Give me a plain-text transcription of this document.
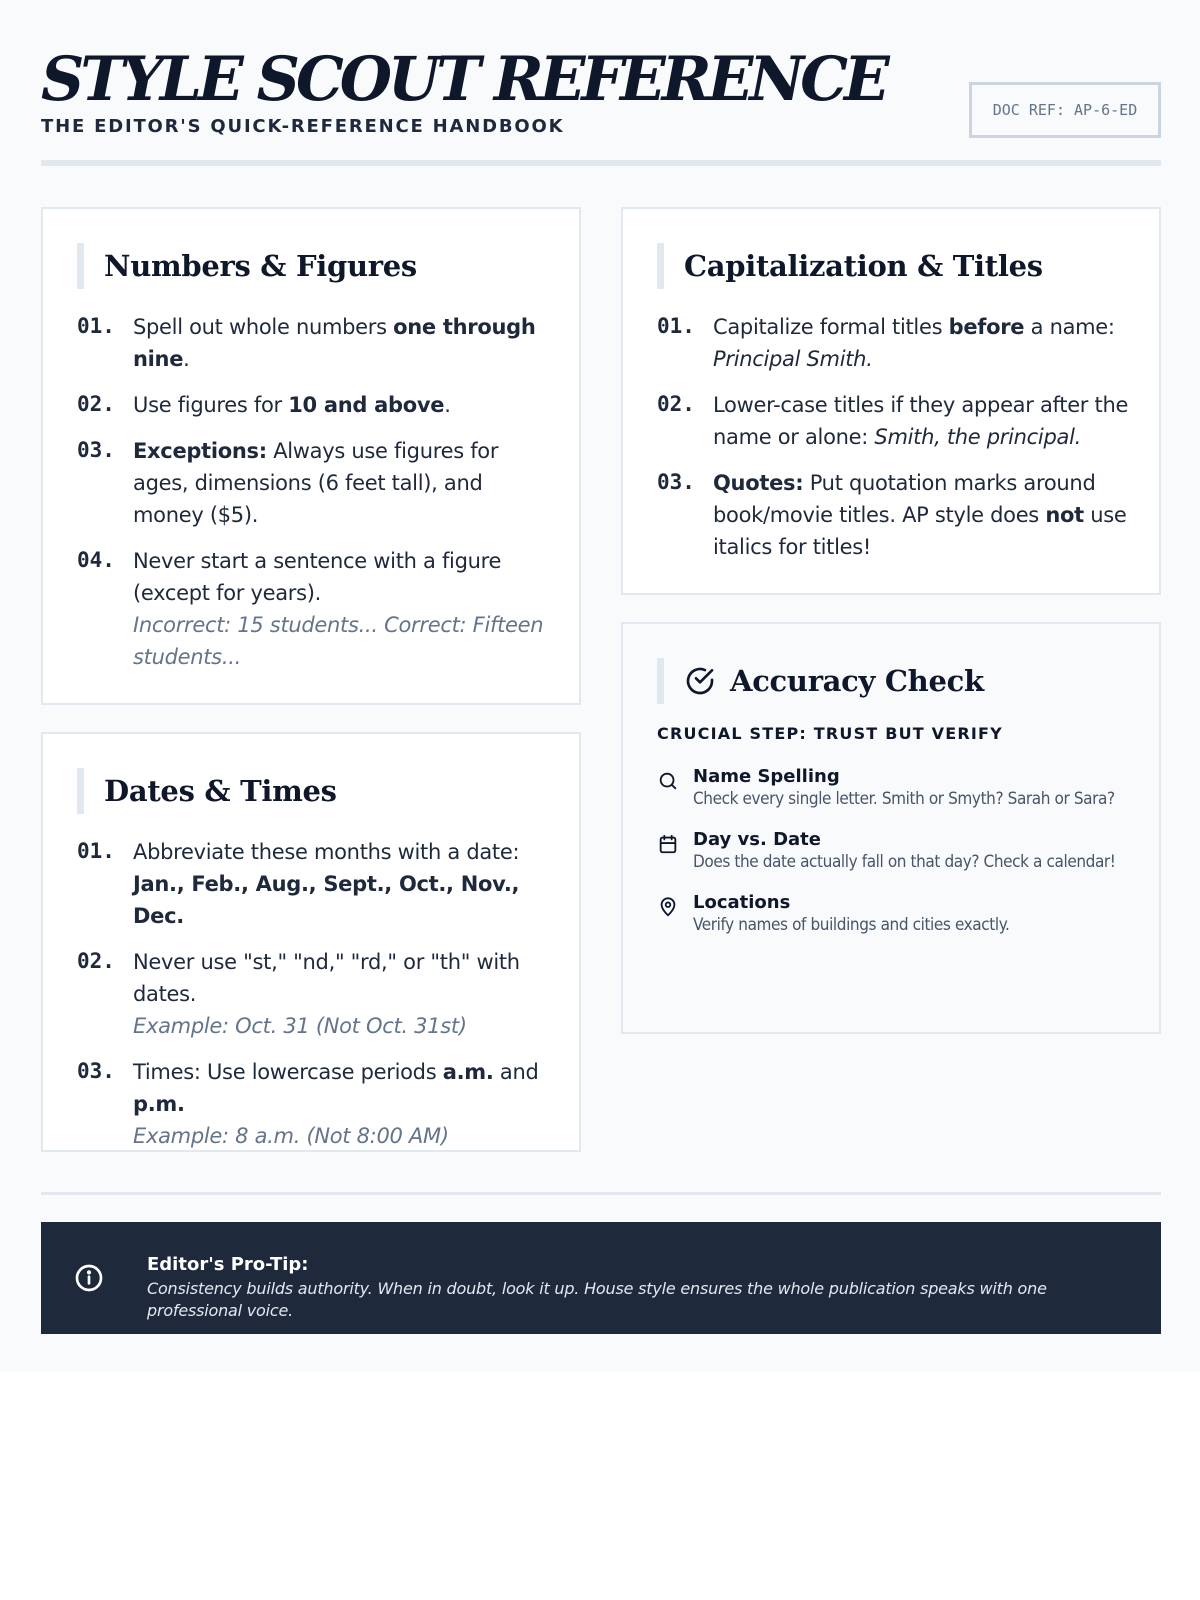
STYLE SCOUT REFERENCE
THE EDITOR'S QUICK-REFERENCE HANDBOOK
DOC REF: AP-6-ED
Numbers & Figures
01. Spell out whole numbers one through nine.
02. Use figures for 10 and above.
03. Exceptions: Always use figures for ages, dimensions (6 feet tall), and money ($5).
04. Never start a sentence with a figure (except for years).
Incorrect: 15 students... Correct: Fifteen students...
Dates & Times
01. Abbreviate these months with a date: Jan., Feb., Aug., Sept., Oct., Nov., Dec.
02. Never use "st," "nd," "rd," or "th" with dates.
Example: Oct. 31 (Not Oct. 31st)
03. Times: Use lowercase periods a.m. and p.m.
Example: 8 a.m. (Not 8:00 AM)
Capitalization & Titles
01. Capitalize formal titles before a name: Principal Smith.
02. Lower-case titles if they appear after the name or alone: Smith, the principal.
03. Quotes: Put quotation marks around book/movie titles. AP style does not use italics for titles!
Accuracy Check
CRUCIAL STEP: TRUST BUT VERIFY
Name Spelling
Check every single letter. Smith or Smyth? Sarah or Sara?
Day vs. Date
Does the date actually fall on that day? Check a calendar!
Locations
Verify names of buildings and cities exactly.
Editor's Pro-Tip:
Consistency builds authority. When in doubt, look it up. House style ensures the whole publication speaks with one professional voice.
